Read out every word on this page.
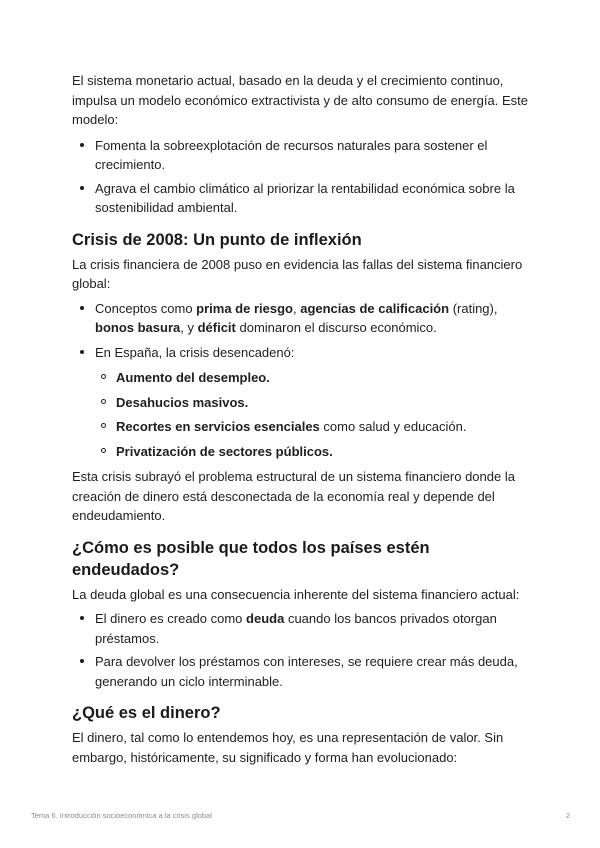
El sistema monetario actual, basado en la deuda y el crecimiento continuo, impulsa un modelo económico extractivista y de alto consumo de energía. Este modelo:

Fomenta la sobreexplotación de recursos naturales para sostener el crecimiento.
Agrava el cambio climático al priorizar la rentabilidad económica sobre la sostenibilidad ambiental.
Crisis de 2008: Un punto de inflexión

La crisis financiera de 2008 puso en evidencia las fallas del sistema financiero global:

Conceptos como prima de riesgo, agencias de calificación (rating), bonos basura, y déficit dominaron el discurso económico.
En España, la crisis desencadenó:
Aumento del desempleo.
Desahucios masivos.
Recortes en servicios esenciales como salud y educación.
Privatización de sectores públicos.

Esta crisis subrayó el problema estructural de un sistema financiero donde la creación de dinero está desconectada de la economía real y depende del endeudamiento.

¿Cómo es posible que todos los países estén endeudados?

La deuda global es una consecuencia inherente del sistema financiero actual:

El dinero es creado como deuda cuando los bancos privados otorgan préstamos.
Para devolver los préstamos con intereses, se requiere crear más deuda, generando un ciclo interminable.
¿Qué es el dinero?

El dinero, tal como lo entendemos hoy, es una representación de valor. Sin embargo, históricamente, su significado y forma han evolucionado:

Tema 6. Introducción socioeconómica a la crisis global	2
